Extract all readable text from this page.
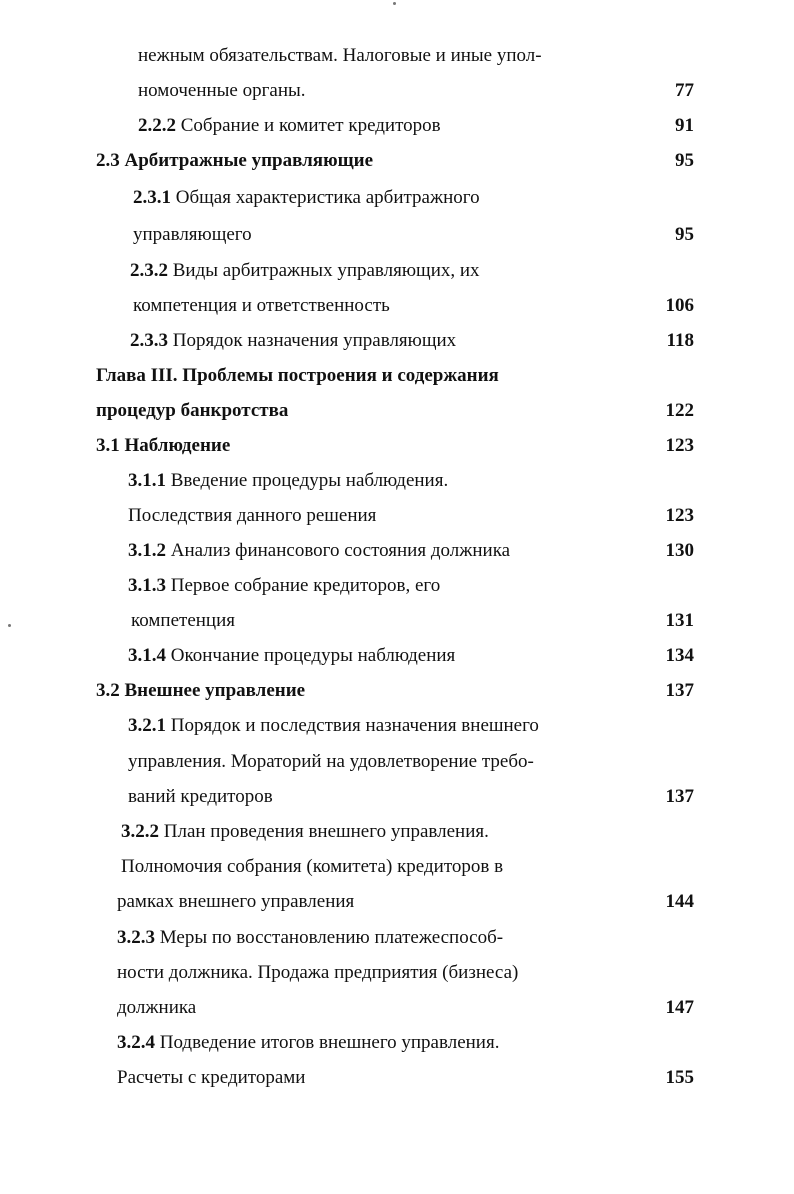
нежным обязательствам. Налоговые и иные упол-
номоченные органы.	77
2.2.2 Собрание и комитет кредиторов	91
2.3 Арбитражные управляющие	95
2.3.1 Общая характеристика арбитражного
управляющего	95
2.3.2 Виды арбитражных управляющих, их
компетенция и ответственность	106
2.3.3 Порядок назначения управляющих	118
Глава III. Проблемы построения и содержания
процедур банкротства	122
3.1 Наблюдение	123
3.1.1 Введение процедуры наблюдения.
Последствия данного решения	123
3.1.2 Анализ финансового состояния должника	130
3.1.3 Первое собрание кредиторов, его
компетенция	131
3.1.4 Окончание процедуры наблюдения	134
3.2 Внешнее управление	137
3.2.1 Порядок и последствия назначения внешнего
управления. Мораторий на удовлетворение требо-
ваний кредиторов	137
3.2.2 План проведения внешнего управления.
Полномочия собрания (комитета) кредиторов в
рамках внешнего управления	144
3.2.3 Меры по восстановлению платежеспособ-
ности должника. Продажа предприятия (бизнеса)
должника	147
3.2.4 Подведение итогов внешнего управления.
Расчеты с кредиторами	155
